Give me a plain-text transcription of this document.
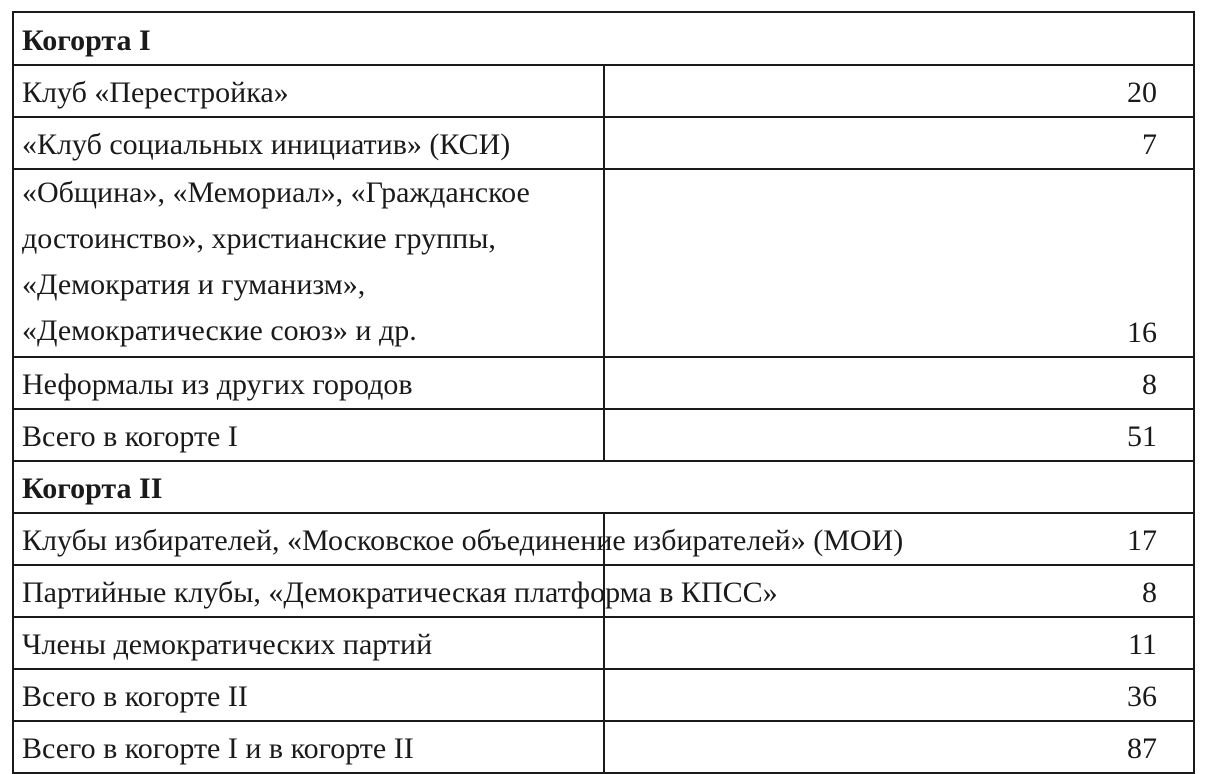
Когорта I	
Клуб «Перестройка»	20
«Клуб социальных инициатив» (КСИ)	7

«Община», «Мемориал», «Гражданское достоинство», христианские группы,
«Демократия и гуманизм», «Демократические союз» и др.	16
Неформалы из других городов	8
Всего в когорте I	51
Когорта II	
Клубы избирателей, «Московское объединение избирателей» (МОИ)	17
Партийные клубы, «Демократическая платформа в КПСС»	8
Члены демократических партий	11
Всего в когорте II	36
Всего в когорте I и в когорте II	87
